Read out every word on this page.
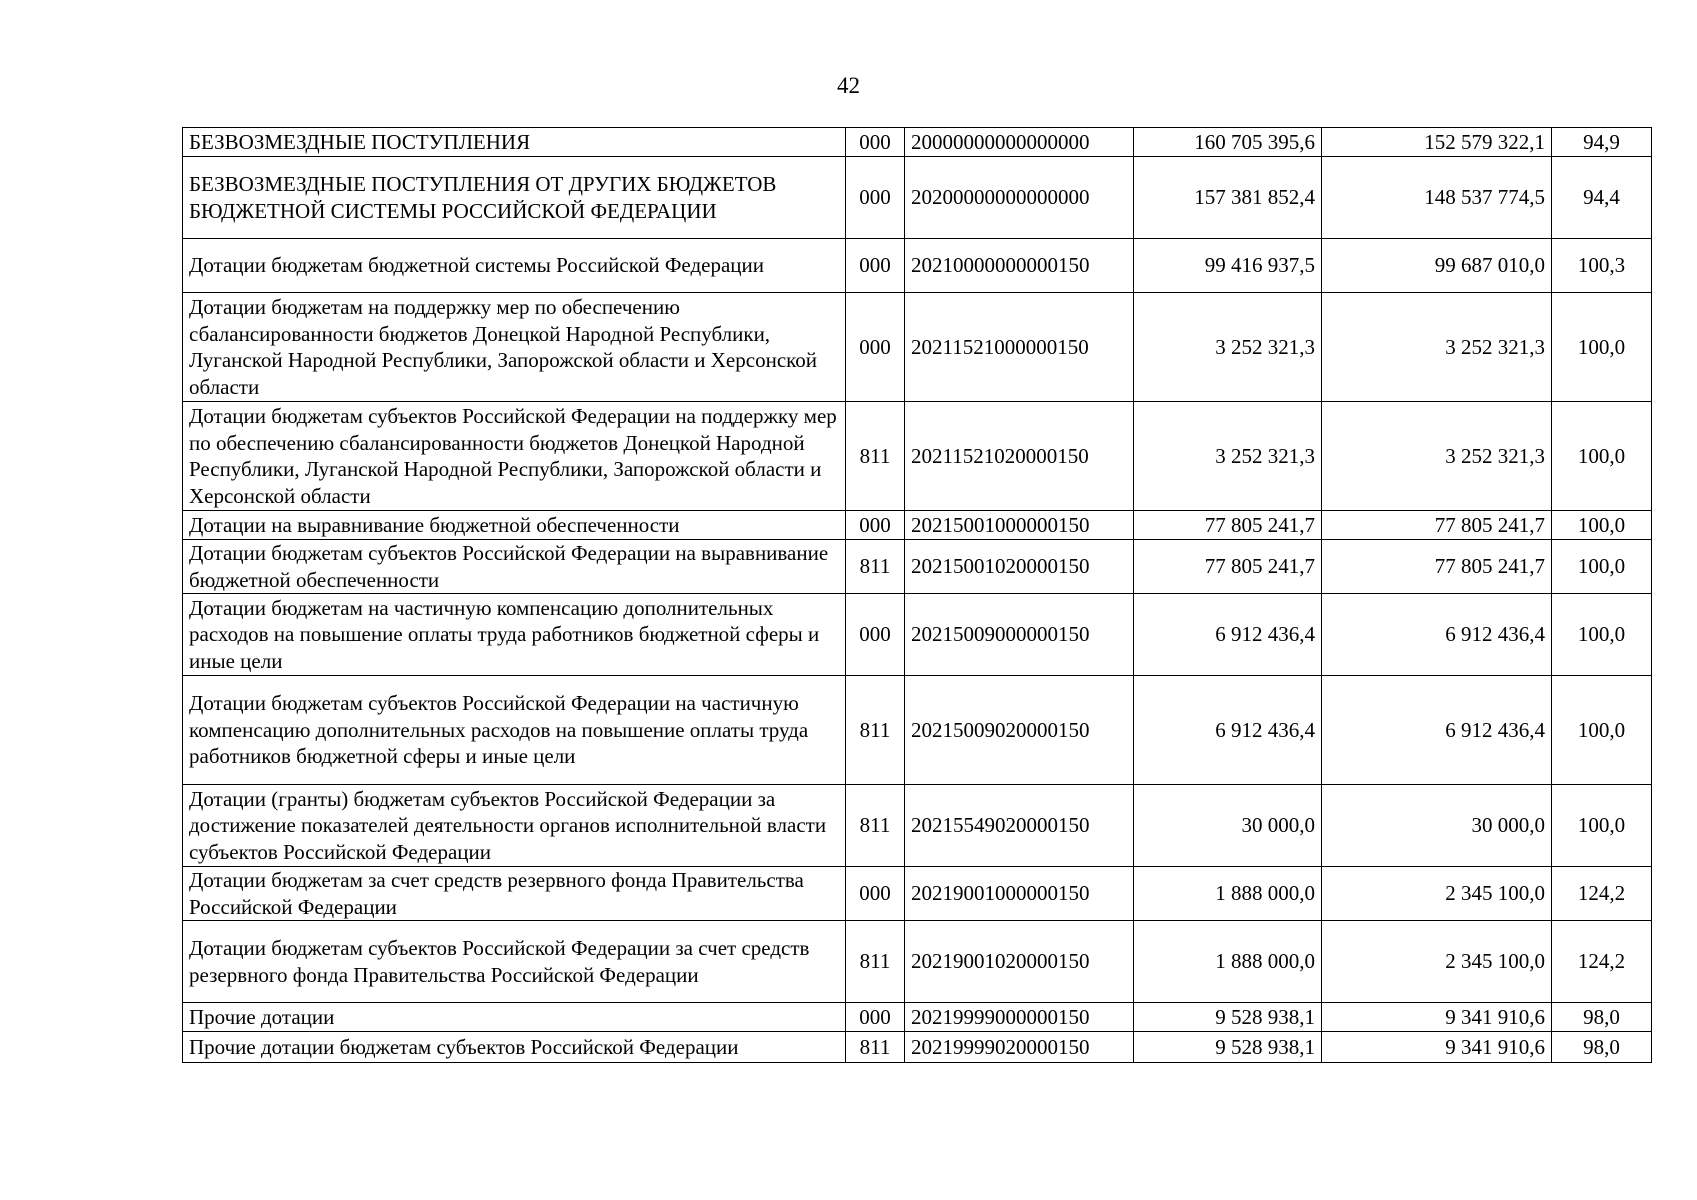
42
БЕЗВОЗМЕЗДНЫЕ ПОСТУПЛЕНИЯ	000	20000000000000000	160 705 395,6	152 579 322,1	94,9
БЕЗВОЗМЕЗДНЫЕ ПОСТУПЛЕНИЯ ОТ ДРУГИХ БЮДЖЕТОВ БЮДЖЕТНОЙ СИСТЕМЫ РОССИЙСКОЙ ФЕДЕРАЦИИ	000	20200000000000000	157 381 852,4	148 537 774,5	94,4
Дотации бюджетам бюджетной системы Российской Федерации	000	20210000000000150	99 416 937,5	99 687 010,0	100,3
Дотации бюджетам на поддержку мер по обеспечению сбалансированности бюджетов Донецкой Народной Республики, Луганской Народной Республики, Запорожской области и Херсонской области	000	20211521000000150	3 252 321,3	3 252 321,3	100,0
Дотации бюджетам субъектов Российской Федерации на поддержку мер по обеспечению сбалансированности бюджетов Донецкой Народной Республики, Луганской Народной Республики, Запорожской области и Херсонской области	811	20211521020000150	3 252 321,3	3 252 321,3	100,0
Дотации на выравнивание бюджетной обеспеченности	000	20215001000000150	77 805 241,7	77 805 241,7	100,0
Дотации бюджетам субъектов Российской Федерации на выравнивание бюджетной обеспеченности	811	20215001020000150	77 805 241,7	77 805 241,7	100,0
Дотации бюджетам на частичную компенсацию дополнительных расходов на повышение оплаты труда работников бюджетной сферы и иные цели	000	20215009000000150	6 912 436,4	6 912 436,4	100,0
Дотации бюджетам субъектов Российской Федерации на частичную компенсацию дополнительных расходов на повышение оплаты труда работников бюджетной сферы и иные цели	811	20215009020000150	6 912 436,4	6 912 436,4	100,0
Дотации (гранты) бюджетам субъектов Российской Федерации за достижение показателей деятельности органов исполнительной власти субъектов Российской Федерации	811	20215549020000150	30 000,0	30 000,0	100,0
Дотации бюджетам за счет средств резервного фонда Правительства Российской Федерации	000	20219001000000150	1 888 000,0	2 345 100,0	124,2
Дотации бюджетам субъектов Российской Федерации за счет средств резервного фонда Правительства Российской Федерации	811	20219001020000150	1 888 000,0	2 345 100,0	124,2
Прочие дотации	000	20219999000000150	9 528 938,1	9 341 910,6	98,0
Прочие дотации бюджетам субъектов Российской Федерации	811	20219999020000150	9 528 938,1	9 341 910,6	98,0
